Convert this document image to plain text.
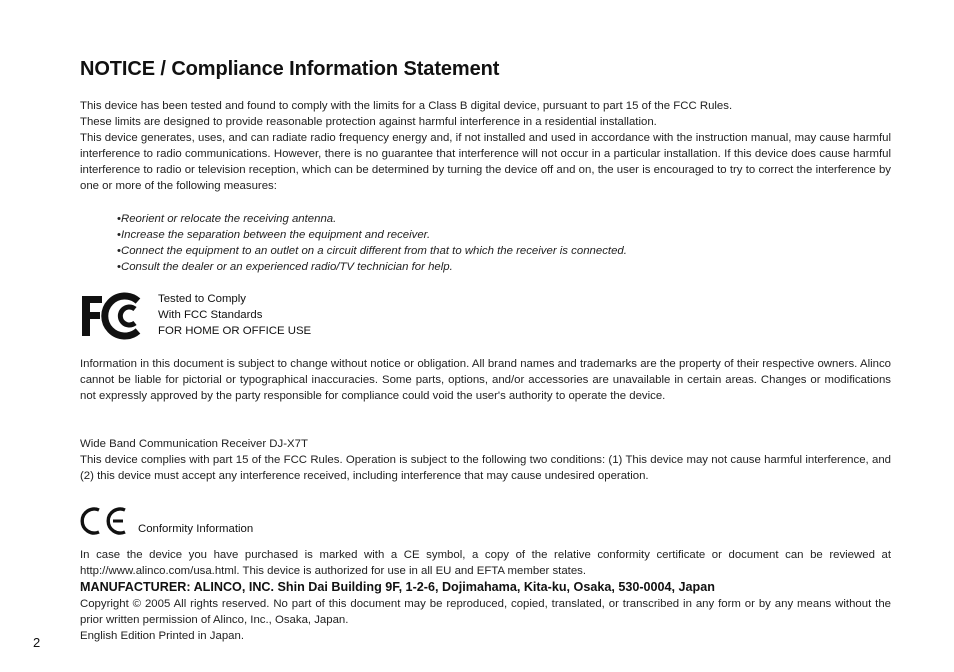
NOTICE / Compliance Information Statement
This device has been tested and found to comply with the limits for a Class B digital device, pursuant to part 15 of the FCC Rules.
These limits are designed to provide reasonable protection against harmful interference in a residential installation.

This device generates, uses, and can radiate radio frequency energy and, if not installed and used in accordance with the instruction manual, may cause harmful interference to radio communications. However, there is no guarantee that interference will not occur in a particular installation. If this device does cause harmful interference to radio or television reception, which can be determined by turning the device off and on, the user is encouraged to try to correct the interference by one or more of the following measures:

• Reorient or relocate the receiving antenna.
• Increase the separation between the equipment and receiver.
• Connect the equipment to an outlet on a circuit different from that to which the receiver is connected.
• Consult the dealer or an experienced radio/TV technician for help.
Tested to Comply
With FCC Standards
FOR HOME OR OFFICE USE

Information in this document is subject to change without notice or obligation. All brand names and trademarks are the property of their respective owners. Alinco cannot be liable for pictorial or typographical inaccuracies. Some parts, options, and/or accessories are unavailable in certain areas. Changes or modifications not expressly approved by the party responsible for compliance could void the user's authority to operate the device.

Wide Band Communication Receiver DJ-X7T

This device complies with part 15 of the FCC Rules. Operation is subject to the following two conditions: (1) This device may not cause harmful interference, and (2) this device must accept any interference received, including interference that may cause undesired operation.

Conformity Information

In case the device you have purchased is marked with a CE symbol, a copy of the relative conformity certificate or document can be reviewed at http://www.alinco.com/usa.html. This device is authorized for use in all EU and EFTA member states.

MANUFACTURER: ALINCO, INC. Shin Dai Building 9F, 1-2-6, Dojimahama, Kita-ku, Osaka, 530-0004, Japan

Copyright © 2005 All rights reserved. No part of this document may be reproduced, copied, translated, or transcribed in any form or by any means without the prior written permission of Alinco, Inc., Osaka, Japan.

English Edition Printed in Japan.
2
